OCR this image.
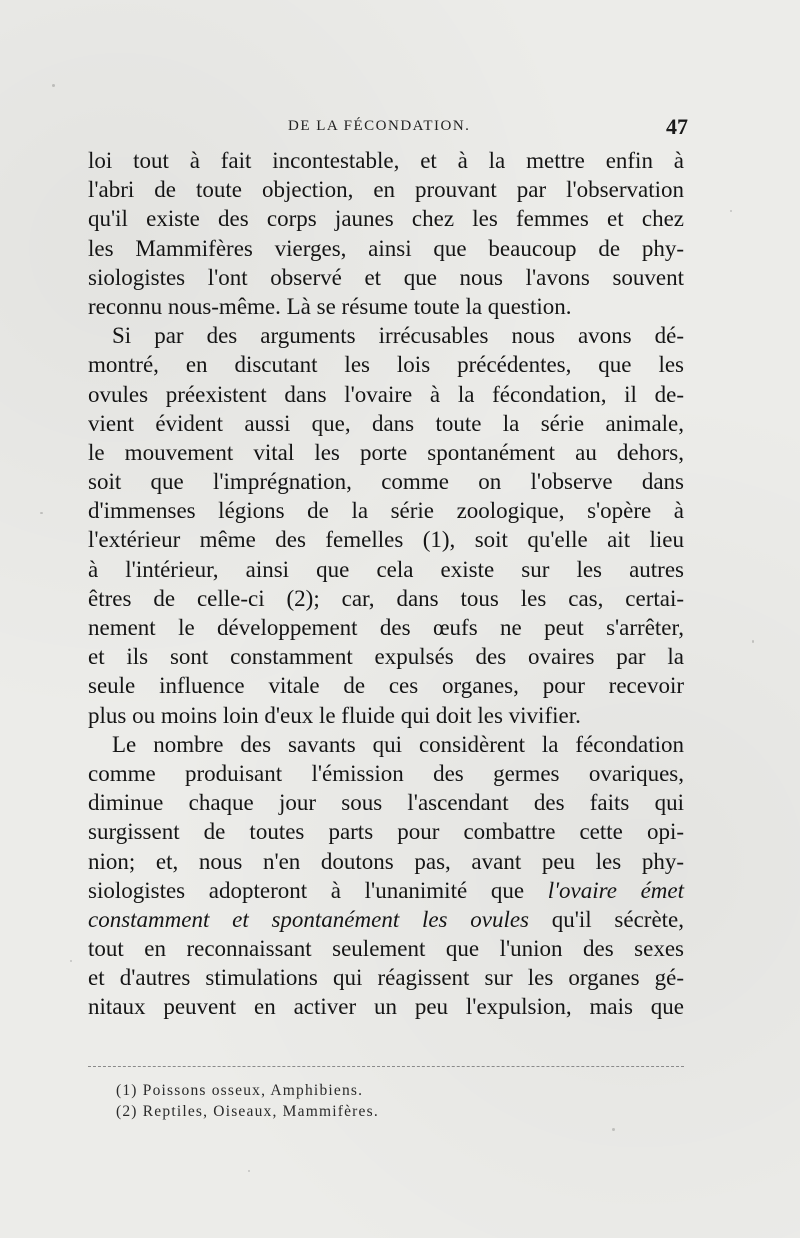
DE LA FÉCONDATION.	47
loi tout à fait incontestable, et à la mettre enfin à
l'abri de toute objection, en prouvant par l'observation
qu'il existe des corps jaunes chez les femmes et chez
les Mammifères vierges, ainsi que beaucoup de phy-
siologistes l'ont observé et que nous l'avons souvent
reconnu nous-même. Là se résume toute la question.
Si par des arguments irrécusables nous avons dé-
montré, en discutant les lois précédentes, que les
ovules préexistent dans l'ovaire à la fécondation, il de-
vient évident aussi que, dans toute la série animale,
le mouvement vital les porte spontanément au dehors,
soit que l'imprégnation, comme on l'observe dans
d'immenses légions de la série zoologique, s'opère à
l'extérieur même des femelles (1), soit qu'elle ait lieu
à l'intérieur, ainsi que cela existe sur les autres
êtres de celle-ci (2); car, dans tous les cas, certai-
nement le développement des œufs ne peut s'arrêter,
et ils sont constamment expulsés des ovaires par la
seule influence vitale de ces organes, pour recevoir
plus ou moins loin d'eux le fluide qui doit les vivifier.
Le nombre des savants qui considèrent la fécondation
comme produisant l'émission des germes ovariques,
diminue chaque jour sous l'ascendant des faits qui
surgissent de toutes parts pour combattre cette opi-
nion; et, nous n'en doutons pas, avant peu les phy-
siologistes adopteront à l'unanimité que l'ovaire émet
constamment et spontanément les ovules qu'il sécrète,
tout en reconnaissant seulement que l'union des sexes
et d'autres stimulations qui réagissent sur les organes gé-
nitaux peuvent en activer un peu l'expulsion, mais que
(1) Poissons osseux, Amphibiens.
(2) Reptiles, Oiseaux, Mammifères.
